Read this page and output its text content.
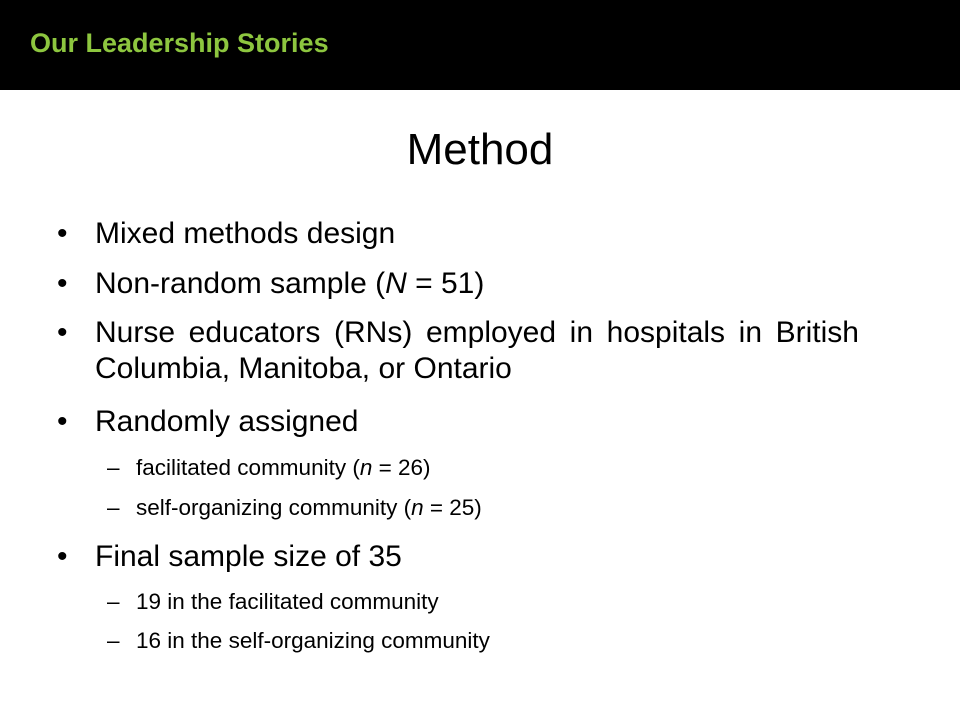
Our Leadership Stories
Method
• Mixed methods design
• Non-random sample (N = 51)
• Nurse educators (RNs) employed in hospitals in British Columbia, Manitoba, or Ontario
• Randomly assigned
– facilitated community (n = 26)
– self-organizing community (n = 25)
• Final sample size of 35
– 19 in the facilitated community
– 16 in the self-organizing community
